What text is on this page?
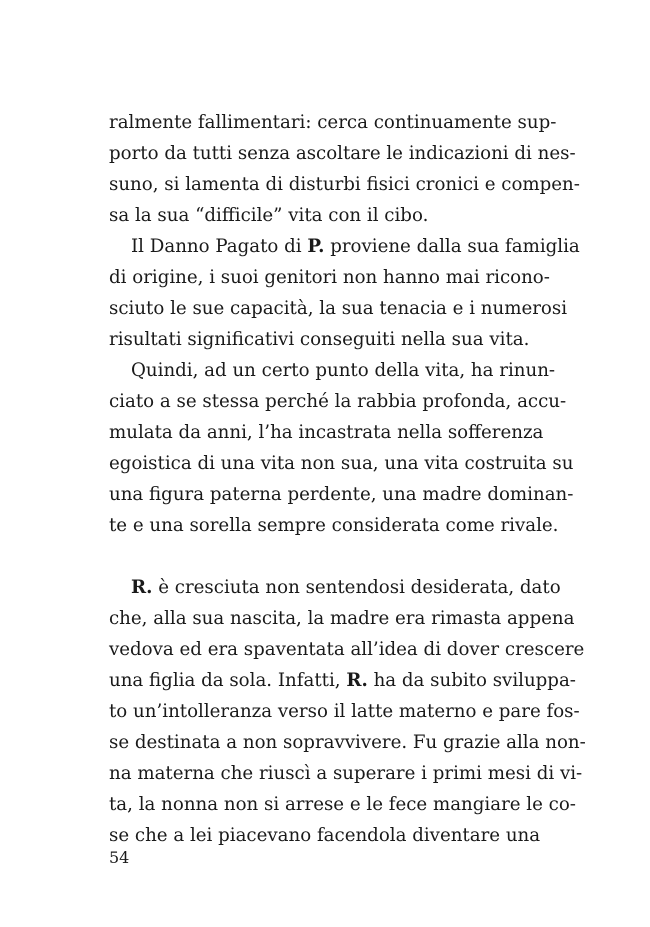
ralmente fallimentari: cerca continuamente sup-
porto da tutti senza ascoltare le indicazioni di nes-
suno, si lamenta di disturbi fisici cronici e compen-
sa la sua “difficile” vita con il cibo.
Il Danno Pagato di P. proviene dalla sua famiglia
di origine, i suoi genitori non hanno mai ricono-
sciuto le sue capacità, la sua tenacia e i numerosi
risultati significativi conseguiti nella sua vita.
Quindi, ad un certo punto della vita, ha rinun-
ciato a se stessa perché la rabbia profonda, accu-
mulata da anni, l’ha incastrata nella sofferenza
egoistica di una vita non sua, una vita costruita su
una figura paterna perdente, una madre dominan-
te e una sorella sempre considerata come rivale.
R. è cresciuta non sentendosi desiderata, dato
che, alla sua nascita, la madre era rimasta appena
vedova ed era spaventata all’idea di dover crescere
una figlia da sola. Infatti, R. ha da subito sviluppa-
to un’intolleranza verso il latte materno e pare fos-
se destinata a non sopravvivere. Fu grazie alla non-
na materna che riuscì a superare i primi mesi di vi-
ta, la nonna non si arrese e le fece mangiare le co-
se che a lei piacevano facendola diventare una
54
